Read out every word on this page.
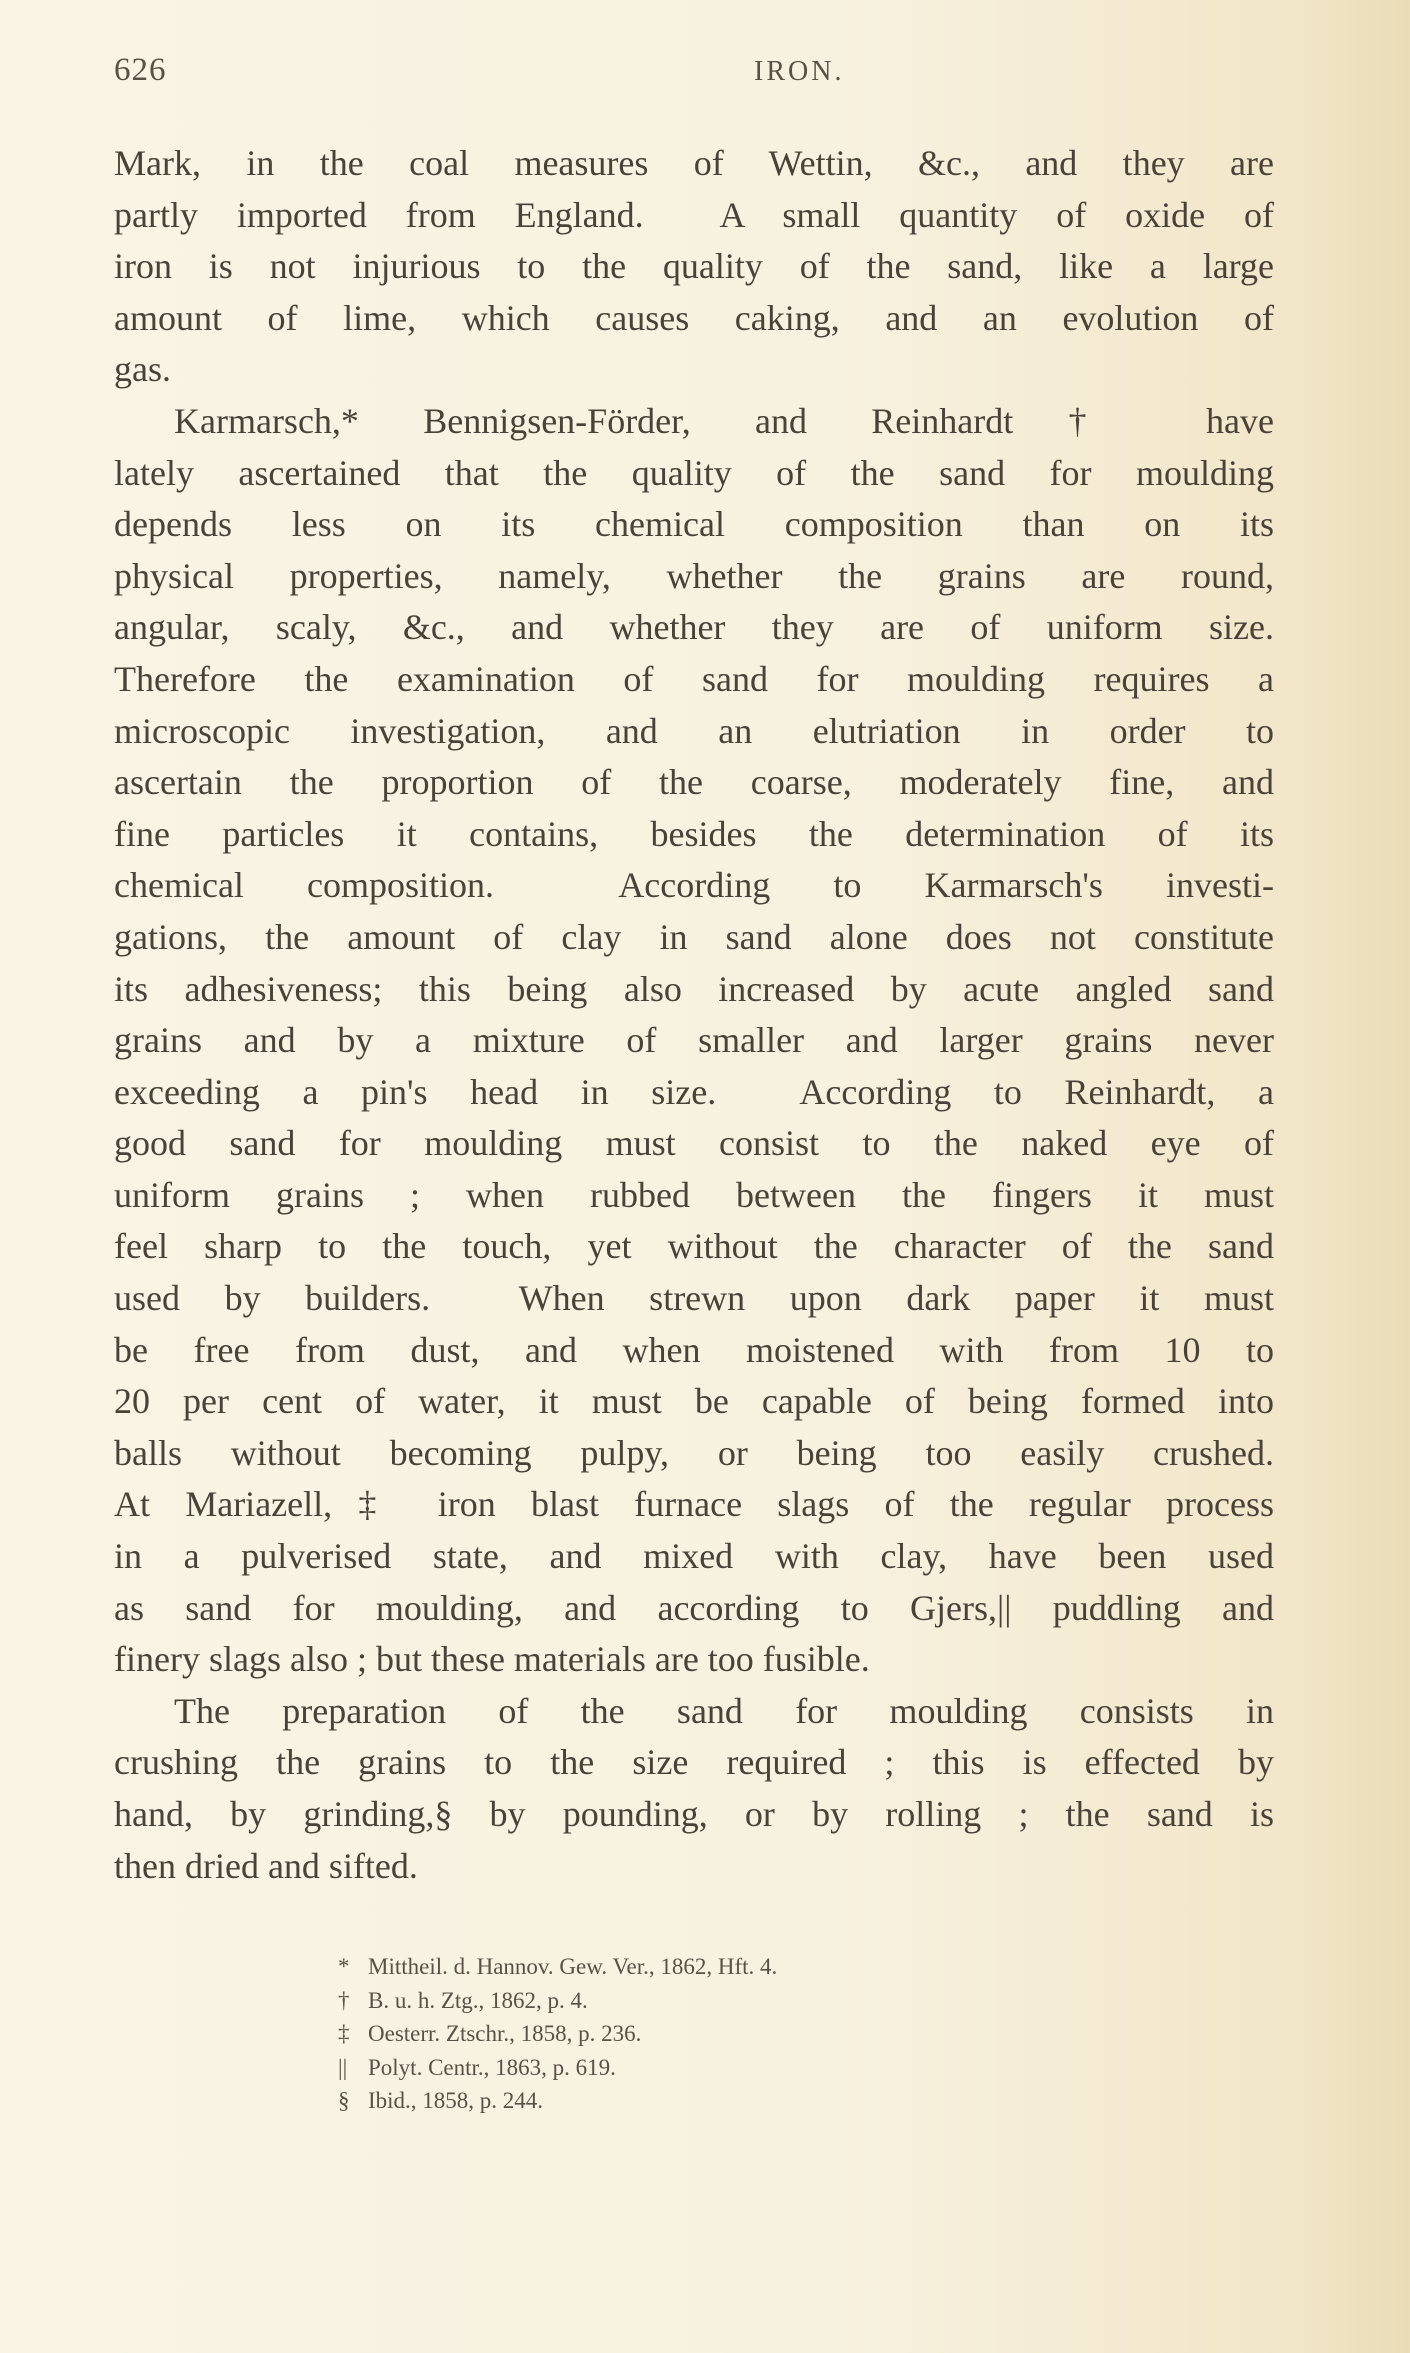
626	IRON.
Mark, in the coal measures of Wettin, &c., and they are
partly imported from England.  A small quantity of oxide of
iron is not injurious to the quality of the sand, like a large
amount of lime, which causes caking, and an evolution of
gas.
Karmarsch,* Bennigsen-Förder, and Reinhardt† have
lately ascertained that the quality of the sand for moulding
depends less on its chemical composition than on its
physical properties, namely, whether the grains are round,
angular, scaly, &c., and whether they are of uniform size.
Therefore the examination of sand for moulding requires a
microscopic investigation, and an elutriation in order to
ascertain the proportion of the coarse, moderately fine, and
fine particles it contains, besides the determination of its
chemical composition.  According to Karmarsch's investi-
gations, the amount of clay in sand alone does not constitute
its adhesiveness; this being also increased by acute angled sand
grains and by a mixture of smaller and larger grains never
exceeding a pin's head in size.  According to Reinhardt, a
good sand for moulding must consist to the naked eye of
uniform grains ; when rubbed between the fingers it must
feel sharp to the touch, yet without the character of the sand
used by builders.  When strewn upon dark paper it must
be free from dust, and when moistened with from 10 to
20 per cent of water, it must be capable of being formed into
balls without becoming pulpy, or being too easily crushed.
At Mariazell,‡ iron blast furnace slags of the regular process
in a pulverised state, and mixed with clay, have been used
as sand for moulding, and according to Gjers,|| puddling and
finery slags also ; but these materials are too fusible.
The preparation of the sand for moulding consists in
crushing the grains to the size required ; this is effected by
hand, by grinding,§ by pounding, or by rolling ; the sand is
then dried and sifted.
* Mittheil. d. Hannov. Gew. Ver., 1862, Hft. 4.
† B. u. h. Ztg., 1862, p. 4.
‡ Oesterr. Ztschr., 1858, p. 236.
|| Polyt. Centr., 1863, p. 619.
§ Ibid., 1858, p. 244.
